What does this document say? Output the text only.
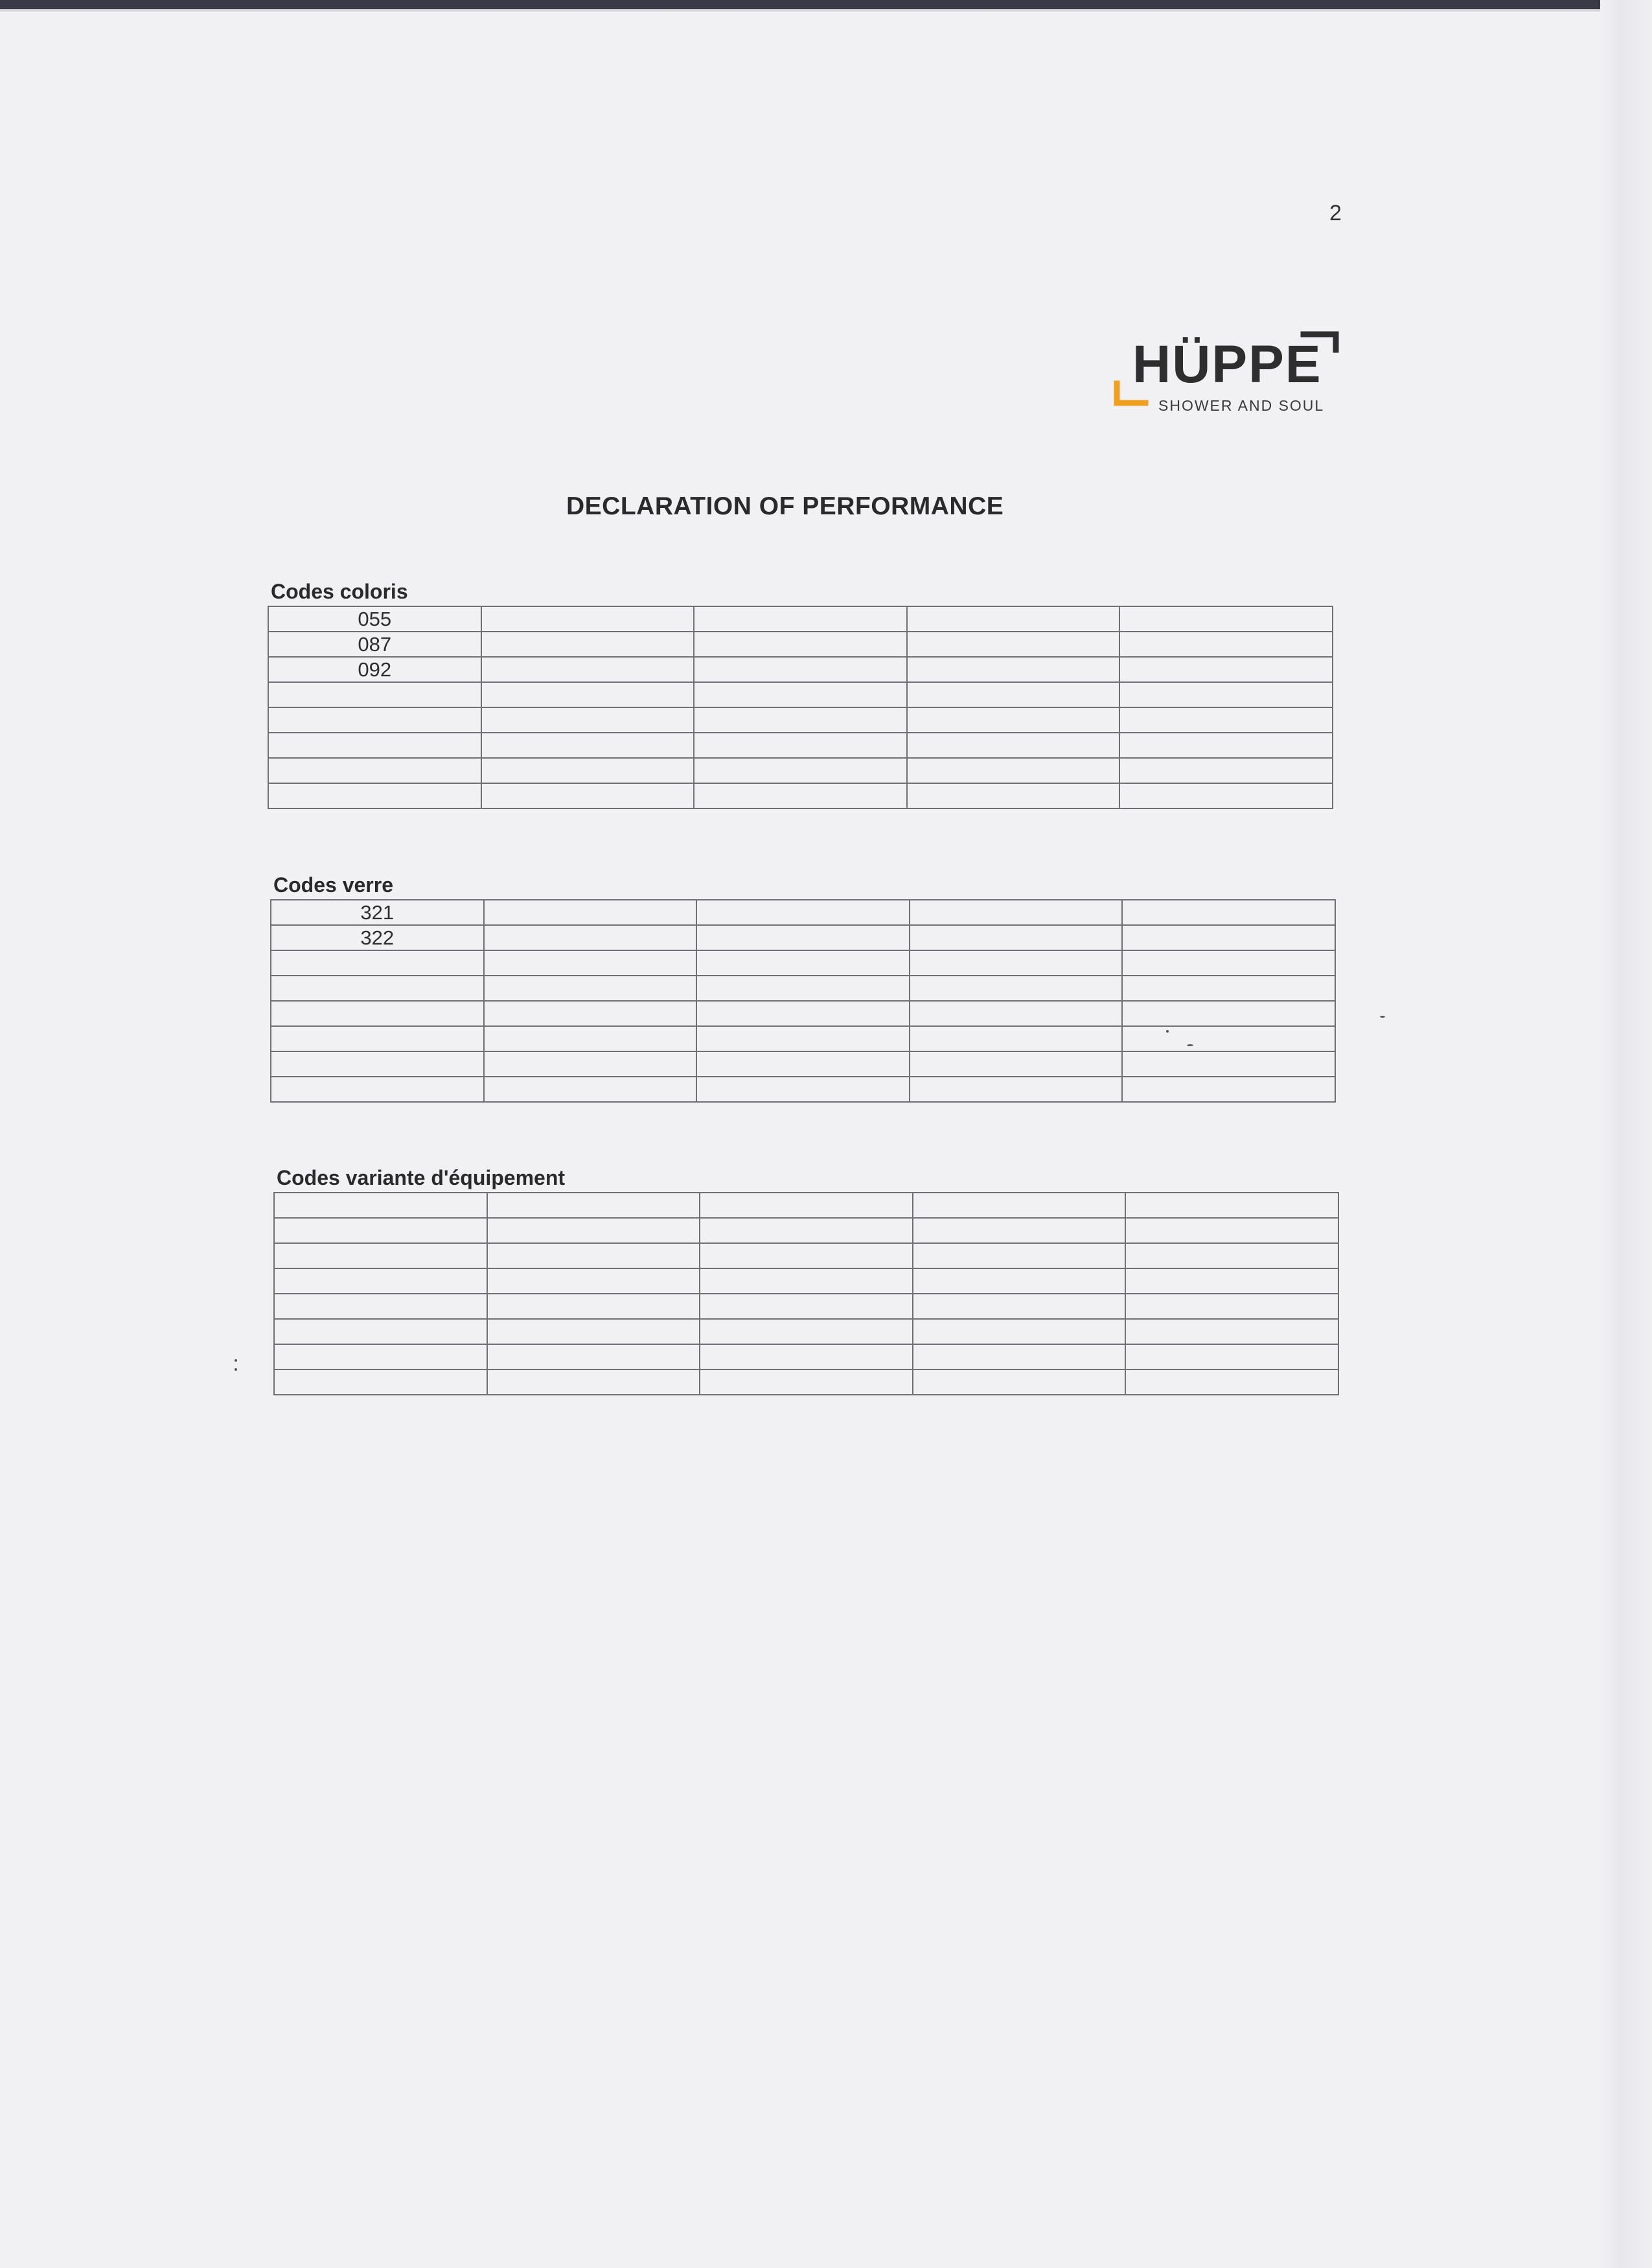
2
HÜPPE
SHOWER AND SOUL
DECLARATION OF PERFORMANCE
Codes coloris
055				
087				
092				

Codes verre
321				
322				

Codes variante d'équipement
